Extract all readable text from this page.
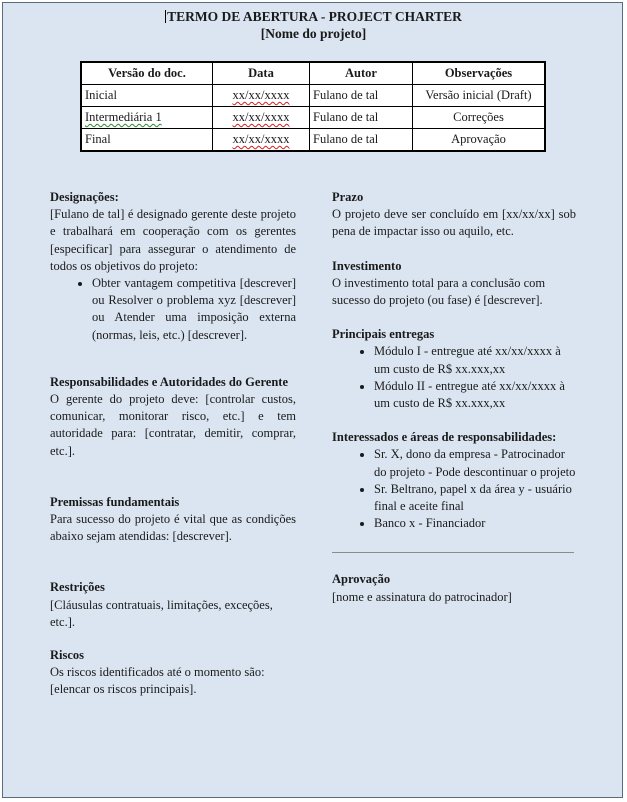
TERMO DE ABERTURA - PROJECT CHARTER
[Nome do projeto]
Versão do doc.	Data	Autor	Observações
Inicial	xx/xx/xxxx	Fulano de tal	Versão inicial (Draft)
Intermediária 1	xx/xx/xxxx	Fulano de tal	Correções
Final	xx/xx/xxxx	Fulano de tal	Aprovação
Designações:

[Fulano de tal] é designado gerente deste projeto e trabalhará em cooperação com os gerentes [especificar] para assegurar o atendimento de todos os objetivos do projeto:

• Obter vantagem competitiva [descrever] ou Resolver o problema xyz [descrever] ou Atender uma imposição externa (normas, leis, etc.) [descrever].
Responsabilidades e Autoridades do Gerente

O gerente do projeto deve: [controlar custos, comunicar, monitorar risco, etc.] e tem autoridade para: [contratar, demitir, comprar, etc.].

Premissas fundamentais

Para sucesso do projeto é vital que as condições abaixo sejam atendidas: [descrever].

Restrições

[Cláusulas contratuais, limitações, exceções, etc.].

Riscos

Os riscos identificados até o momento são: [elencar os riscos principais].

Prazo

O projeto deve ser concluído em [xx/xx/xx] sob pena de impactar isso ou aquilo, etc.

Investimento

O investimento total para a conclusão com sucesso do projeto (ou fase) é [descrever].

Principais entregas
• Módulo I - entregue até xx/xx/xxxx à um custo de R$ xx.xxx,xx
• Módulo II - entregue até xx/xx/xxxx à um custo de R$ xx.xxx,xx
Interessados e áreas de responsabilidades:
• Sr. X, dono da empresa - Patrocinador do projeto - Pode descontinuar o projeto
• Sr. Beltrano, papel x da área y - usuário final e aceite final
• Banco x - Financiador
Aprovação

[nome e assinatura do patrocinador]
